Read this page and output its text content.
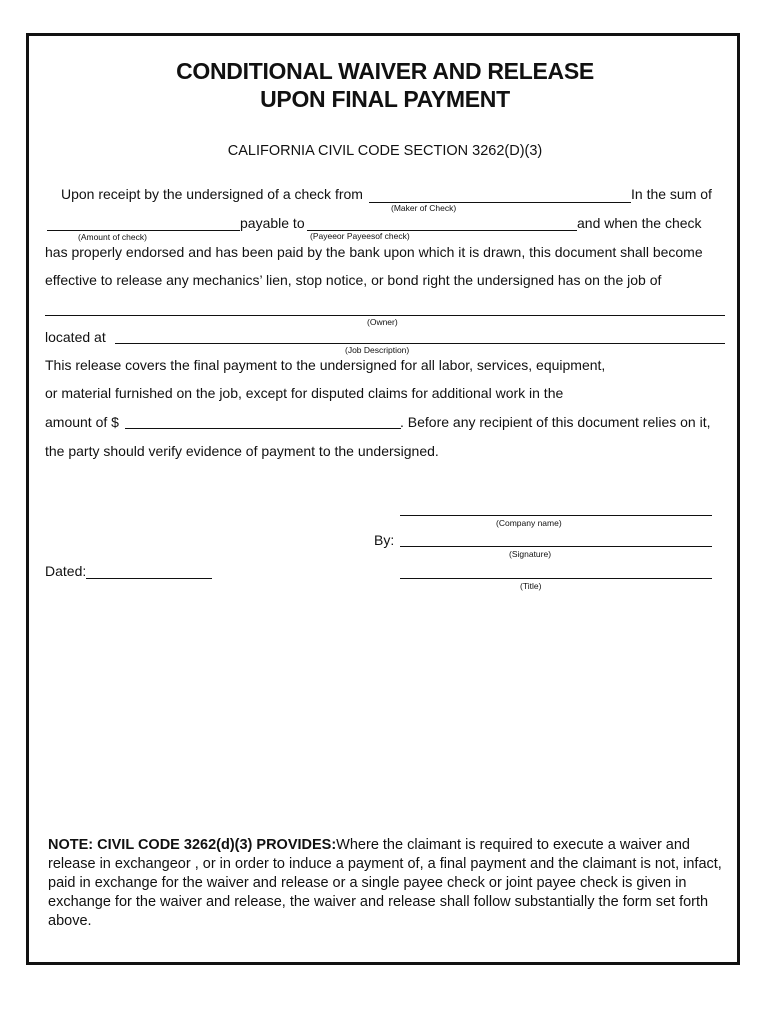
CONDITIONAL WAIVER AND RELEASE
UPON FINAL PAYMENT
CALIFORNIA CIVIL CODE SECTION 3262(D)(3)
Upon receipt by the undersigned of a check from	In the sum of
(Maker of Check)
payable to	and when the check
(Amount of check)	(Payeeor Payeesof check)
has properly endorsed and has been paid by the bank upon which it is drawn, this document shall become
effective to release any mechanics’ lien, stop notice, or bond right the undersigned has on the job of
(Owner)
located at
(Job Description)
This release covers the final payment to the undersigned for all labor, services, equipment,
or material furnished on the job, except for disputed claims for additional work in the
amount of $	. Before any recipient of this document relies on it,
the party should verify evidence of payment to the undersigned.
(Company name)
By:
(Signature)
Dated:
(Title)
NOTE: CIVIL CODE 3262(d)(3) PROVIDES:Where the claimant is required to execute a waiver and release in exchangeor , or in order to induce a payment of, a final payment and the claimant is not, infact, paid in exchange for the waiver and release or a single payee check or joint payee check is given in exchange for the waiver and release, the waiver and release shall follow substantially the form set forth above.
